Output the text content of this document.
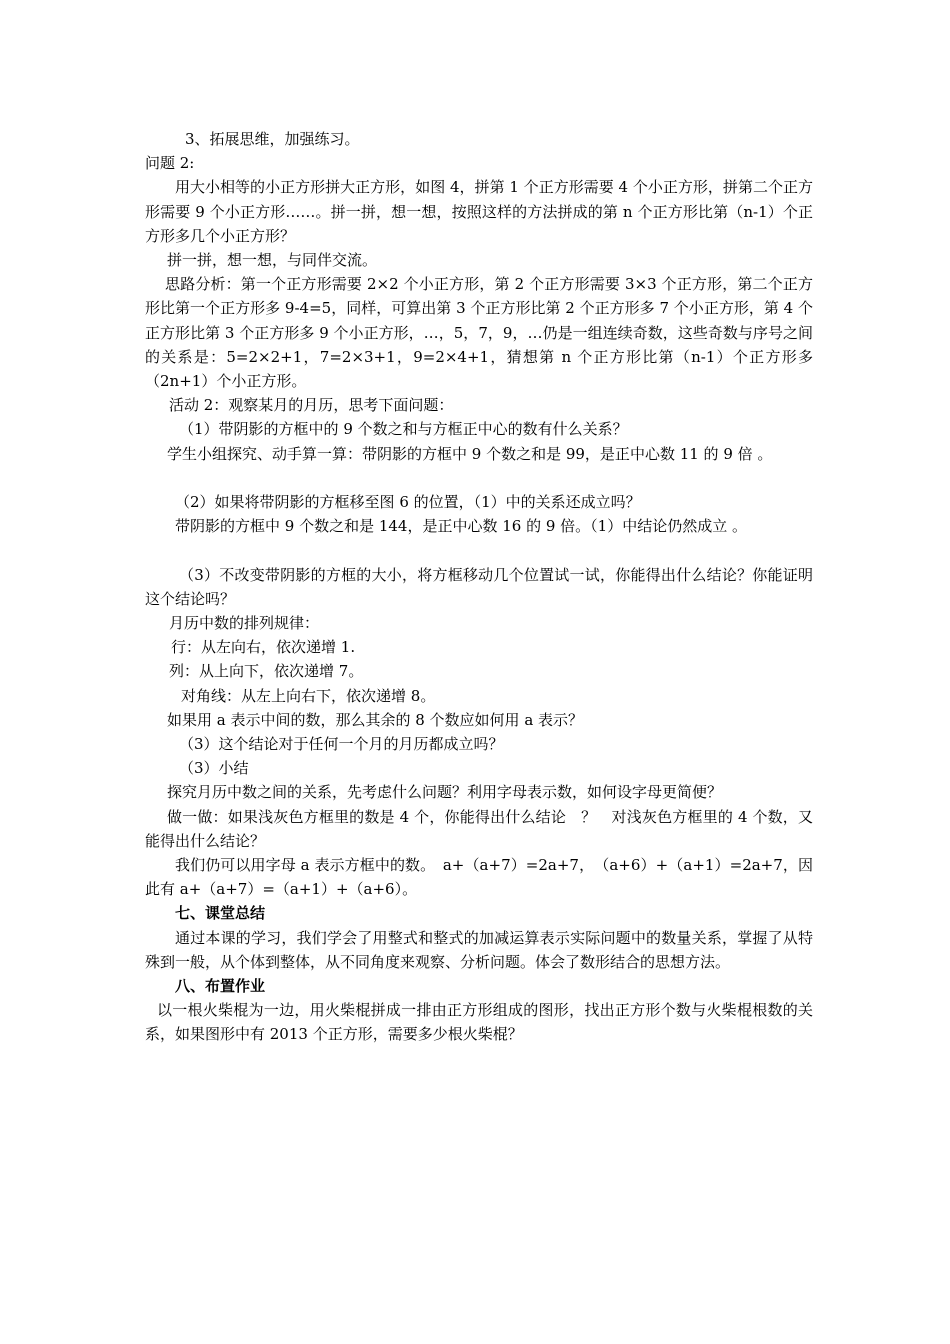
3、拓展思维，加强练习。

问题 2:

用大小相等的小正方形拼大正方形，如图 4，拼第 1 个正方形需要 4 个小正方形，拼第二个正方形需要 9 个小正方形……。拼一拼，想一想，按照这样的方法拼成的第 n 个正方形比第（n-1）个正方形多几个小正方形？

拼一拼，想一想，与同伴交流。

思路分析：第一个正方形需要 2×2 个小正方形，第 2 个正方形需要 3×3 个正方形，第二个正方形比第一个正方形多 9-4=5，同样，可算出第 3 个正方形比第 2 个正方形多 7 个小正方形，第 4 个正方形比第 3 个正方形多 9 个小正方形，…，5，7，9，…仍是一组连续奇数，这些奇数与序号之间的关系是：5=2×2+1，7=2×3+1，9=2×4+1，猜想第 n 个正方形比第（n-1）个正方形多（2n+1）个小正方形。

活动 2：观察某月的月历，思考下面问题：

（1）带阴影的方框中的 9 个数之和与方框正中心的数有什么关系？

学生小组探究、动手算一算：带阴影的方框中 9 个数之和是 99，是正中心数 11 的 9 倍 。

（2）如果将带阴影的方框移至图 6 的位置，（1）中的关系还成立吗？

带阴影的方框中 9 个数之和是 144，是正中心数 16 的 9 倍。（1）中结论仍然成立 。

（3）不改变带阴影的方框的大小，将方框移动几个位置试一试，你能得出什么结论？你能证明这个结论吗？

月历中数的排列规律：

行：从左向右，依次递增 1.

列：从上向下，依次递增 7。

对角线：从左上向右下，依次递增 8。

如果用 a 表示中间的数，那么其余的 8 个数应如何用 a 表示？

（3）这个结论对于任何一个月的月历都成立吗？

（3）小结

探究月历中数之间的关系，先考虑什么问题？利用字母表示数，如何设字母更简便？

做一做：如果浅灰色方框里的数是 4 个，你能得出什么结论　？　对浅灰色方框里的 4 个数，又能得出什么结论？

我们仍可以用字母 a 表示方框中的数。　a+（a+7）=2a+7，　（a+6）+（a+1）=2a+7，因此有 a+（a+7）=（a+1）+（a+6）。

七、课堂总结

通过本课的学习，我们学会了用整式和整式的加减运算表示实际问题中的数量关系，掌握了从特殊到一般，从个体到整体，从不同角度来观察、分析问题。体会了数形结合的思想方法。

八、布置作业

以一根火柴棍为一边，用火柴棍拼成一排由正方形组成的图形，找出正方形个数与火柴棍根数的关系，如果图形中有 2013 个正方形，需要多少根火柴棍？
